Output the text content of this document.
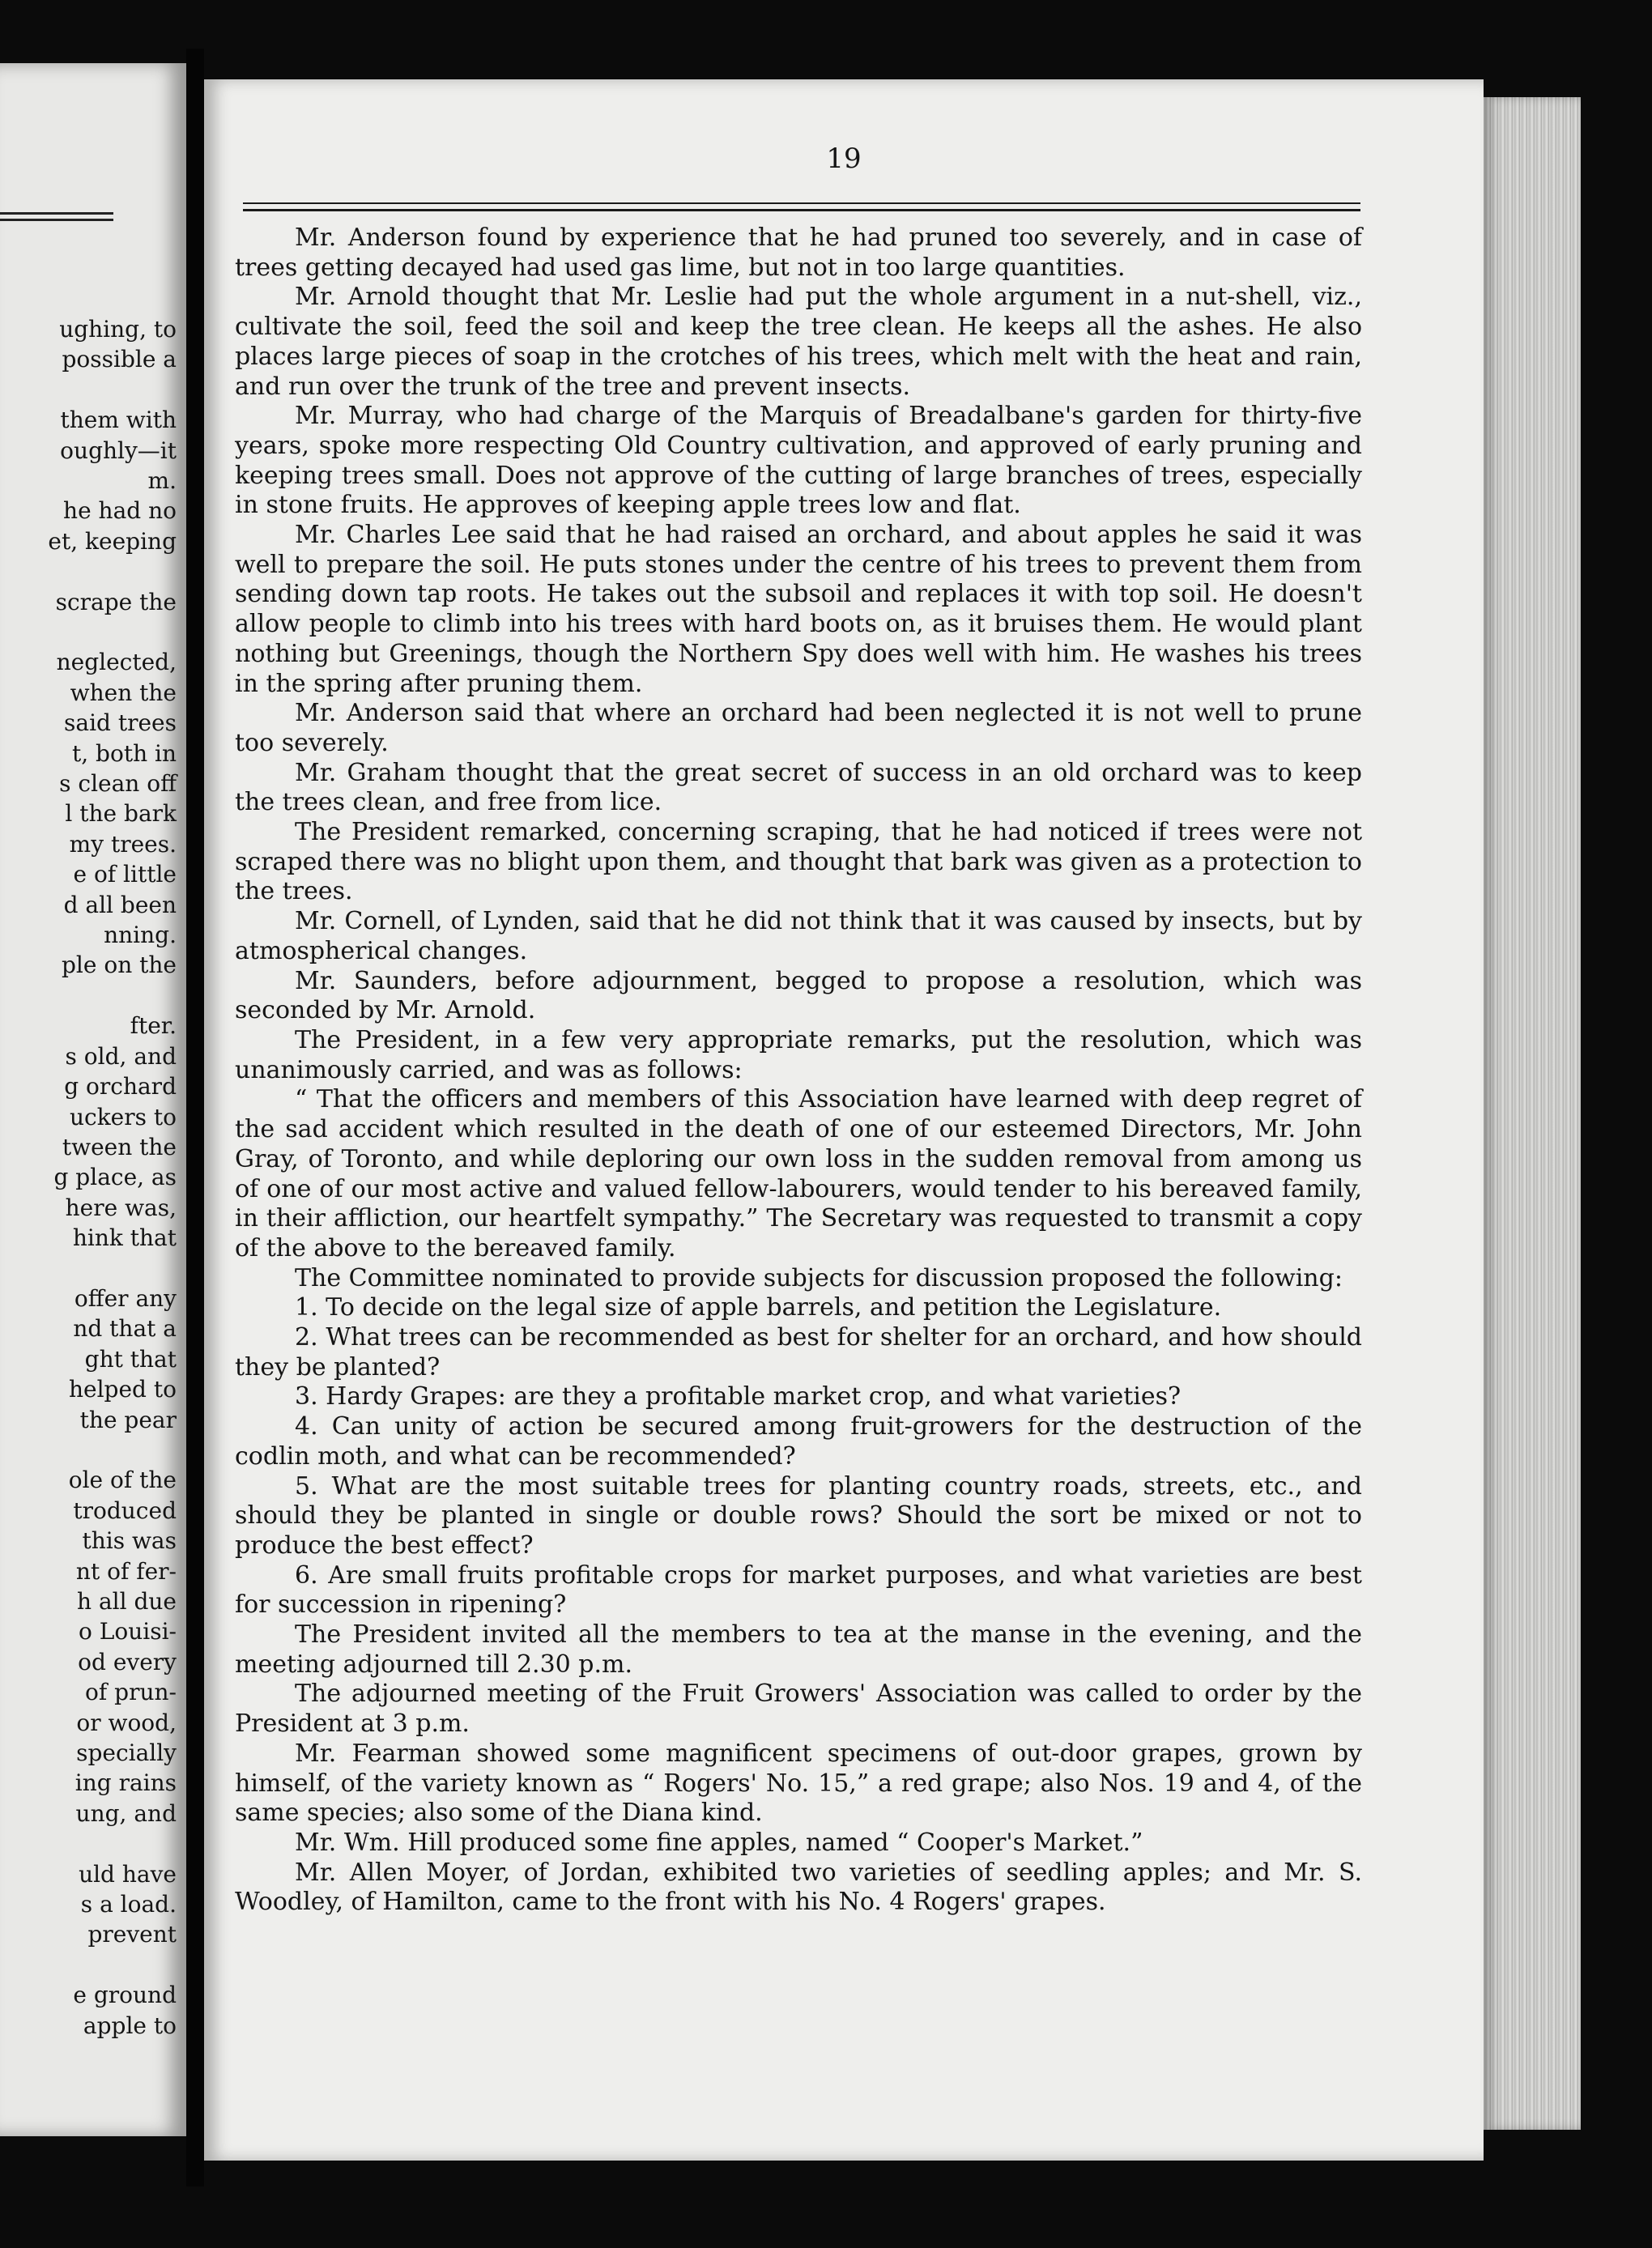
ughing, to
possible a
them with
oughly—it
m.
he had no
et, keeping
scrape the
neglected,
when the
said trees
t, both in
s clean off
l the bark
my trees.
e of little
d all been
nning.
ple on the
fter.
s old, and
g orchard
uckers to
tween the
g place, as
here was,
hink that
offer any
nd that a
ght that
helped to
the pear
ole of the
troduced
this was
nt of fer-
h all due
o Louisi-
od every
of prun-
or wood,
specially
ing rains
ung, and
uld have
s a load.
prevent
e ground
apple to
19

Mr. Anderson found by experience that he had pruned too severely, and in case of trees getting decayed had used gas lime, but not in too large quantities.

Mr. Arnold thought that Mr. Leslie had put the whole argument in a nut-shell, viz., cultivate the soil, feed the soil and keep the tree clean. He keeps all the ashes. He also places large pieces of soap in the crotches of his trees, which melt with the heat and rain, and run over the trunk of the tree and prevent insects.

Mr. Murray, who had charge of the Marquis of Breadalbane's garden for thirty-five years, spoke more respecting Old Country cultivation, and approved of early pruning and keeping trees small. Does not approve of the cutting of large branches of trees, especially in stone fruits. He approves of keeping apple trees low and flat.

Mr. Charles Lee said that he had raised an orchard, and about apples he said it was well to prepare the soil. He puts stones under the centre of his trees to prevent them from sending down tap roots. He takes out the subsoil and replaces it with top soil. He doesn't allow people to climb into his trees with hard boots on, as it bruises them. He would plant nothing but Greenings, though the Northern Spy does well with him. He washes his trees in the spring after pruning them.

Mr. Anderson said that where an orchard had been neglected it is not well to prune too severely.

Mr. Graham thought that the great secret of success in an old orchard was to keep the trees clean, and free from lice.

The President remarked, concerning scraping, that he had noticed if trees were not scraped there was no blight upon them, and thought that bark was given as a protection to the trees.

Mr. Cornell, of Lynden, said that he did not think that it was caused by insects, but by atmospherical changes.

Mr. Saunders, before adjournment, begged to propose a resolution, which was seconded by Mr. Arnold.

The President, in a few very appropriate remarks, put the resolution, which was unanimously carried, and was as follows:

“ That the officers and members of this Association have learned with deep regret of the sad accident which resulted in the death of one of our esteemed Directors, Mr. John Gray, of Toronto, and while deploring our own loss in the sudden removal from among us of one of our most active and valued fellow-labourers, would tender to his bereaved family, in their affliction, our heartfelt sympathy.” The Secretary was requested to transmit a copy of the above to the bereaved family.

The Committee nominated to provide subjects for discussion proposed the following:

1. To decide on the legal size of apple barrels, and petition the Legislature.

2. What trees can be recommended as best for shelter for an orchard, and how should they be planted?

3. Hardy Grapes: are they a profitable market crop, and what varieties?

4. Can unity of action be secured among fruit-growers for the destruction of the codlin moth, and what can be recommended?

5. What are the most suitable trees for planting country roads, streets, etc., and should they be planted in single or double rows? Should the sort be mixed or not to produce the best effect?

6. Are small fruits profitable crops for market purposes, and what varieties are best for succession in ripening?

The President invited all the members to tea at the manse in the evening, and the meeting adjourned till 2.30 p.m.

The adjourned meeting of the Fruit Growers' Association was called to order by the President at 3 p.m.

Mr. Fearman showed some magnificent specimens of out-door grapes, grown by himself, of the variety known as “ Rogers' No. 15,” a red grape; also Nos. 19 and 4, of the same species; also some of the Diana kind.

Mr. Wm. Hill produced some fine apples, named “ Cooper's Market.”

Mr. Allen Moyer, of Jordan, exhibited two varieties of seedling apples; and Mr. S. Woodley, of Hamilton, came to the front with his No. 4 Rogers' grapes.
